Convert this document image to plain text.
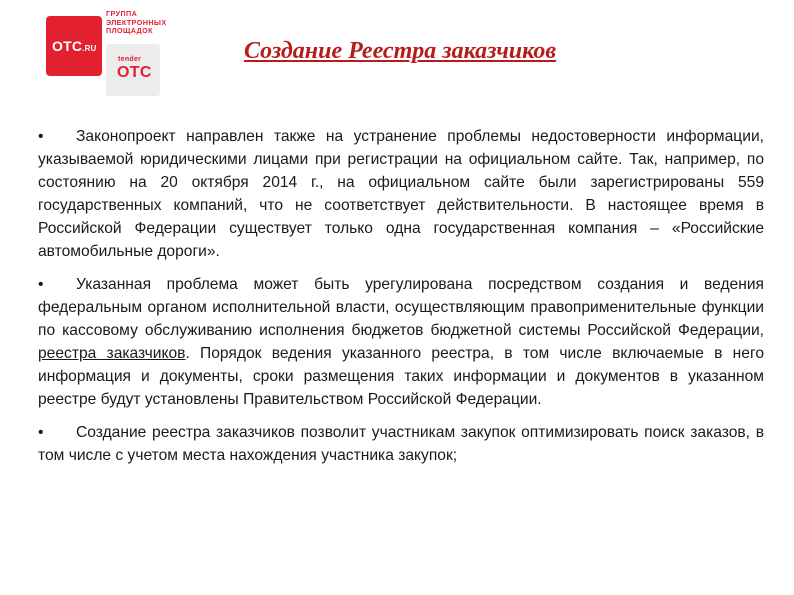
ОТС.RU
ГРУППА
ЭЛЕКТРОННЫХ
ПЛОЩАДОК
tender
ОТС
Создание Реестра заказчиков

• Законопроект направлен также на устранение проблемы недостоверности информации, указываемой юридическими лицами при регистрации на официальном сайте. Так, например, по состоянию на 20 октября 2014 г., на официальном сайте были зарегистрированы 559 государственных компаний, что не соответствует действительности. В настоящее время в Российской Федерации существует только одна государственная компания – «Российские автомобильные дороги».

• Указанная проблема может быть урегулирована посредством создания и ведения федеральным органом исполнительной власти, осуществляющим правоприменительные функции по кассовому обслуживанию исполнения бюджетов бюджетной системы Российской Федерации, реестра заказчиков. Порядок ведения указанного реестра, в том числе включаемые в него информация и документы, сроки размещения таких информации и документов в указанном реестре будут установлены Правительством Российской Федерации.

• Создание реестра заказчиков позволит участникам закупок оптимизировать поиск заказов, в том числе с учетом места нахождения участника закупок;
